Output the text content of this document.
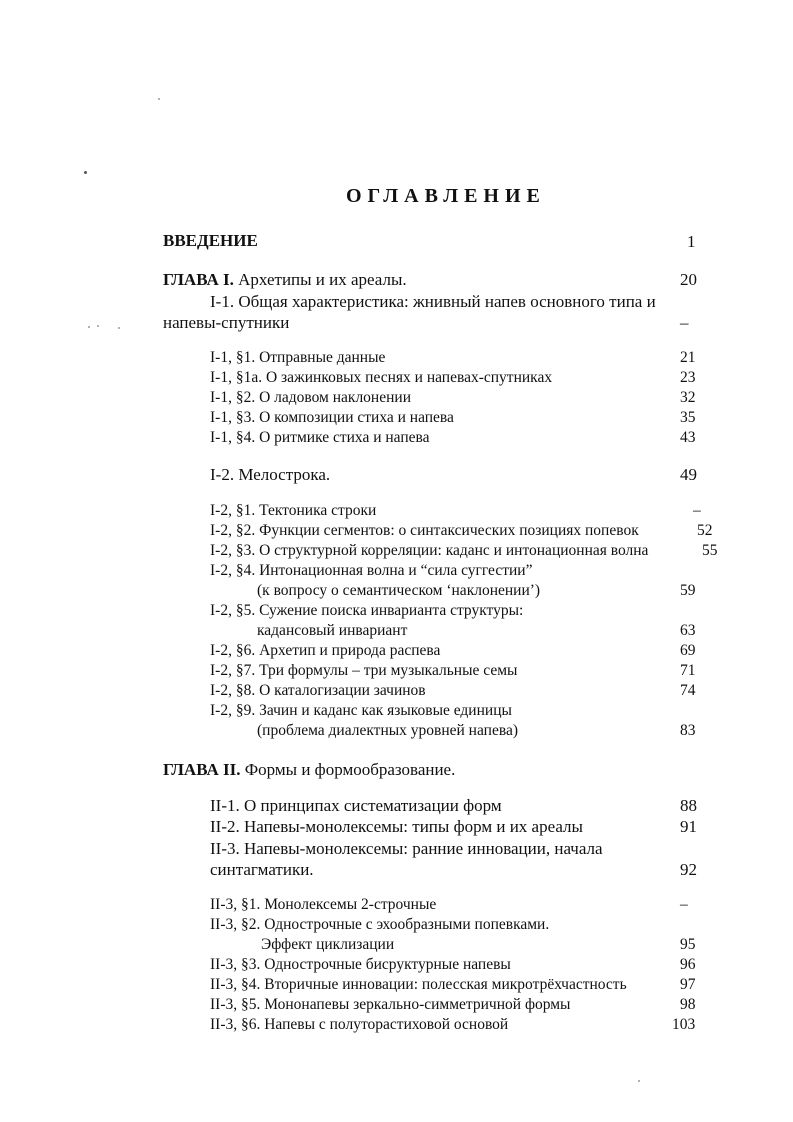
ОГЛАВЛЕНИЕ
ВВЕДЕНИЕ	1
ГЛАВА I. Архетипы и их ареалы.	20
I-1. Общая характеристика: жнивный напев основного типа и
напевы-спутники	–
I-1, §1. Отправные данные	21
I-1, §1а. О зажинковых песнях и напевах-спутниках	23
I-1, §2. О ладовом наклонении	32
I-1, §3. О композиции стиха и напева	35
I-1, §4. О ритмике стиха и напева	43
I-2. Мелострока.	49
I-2, §1. Тектоника строки	–
I-2, §2. Функции сегментов: о синтаксических позициях попевок	52
I-2, §3. О структурной корреляции: каданс и интонационная волна	55
I-2, §4. Интонационная волна и “сила суггестии”
(к вопросу о семантическом ‘наклонении’)	59
I-2, §5. Сужение поиска инварианта структуры:
кадансовый инвариант	63
I-2, §6. Архетип и природа распева	69
I-2, §7. Три формулы – три музыкальные семы	71
I-2, §8. О каталогизации зачинов	74
I-2, §9. Зачин и каданс как языковые единицы
(проблема диалектных уровней напева)	83
ГЛАВА II. Формы и формообразование.
II-1. О принципах систематизации форм	88
II-2. Напевы-монолексемы: типы форм и их ареалы	91
II-3. Напевы-монолексемы: ранние инновации, начала
синтагматики.	92
II-3, §1. Монолексемы 2-строчные	–
II-3, §2. Однострочные с эхообразными попевками.
Эффект циклизации	95
II-3, §3. Однострочные бисруктурные напевы	96
II-3, §4. Вторичные инновации: полесская микротрёхчастность	97
II-3, §5. Мононапевы зеркально-симметричной формы	98
II-3, §6. Напевы с полуторастиховой основой	103
